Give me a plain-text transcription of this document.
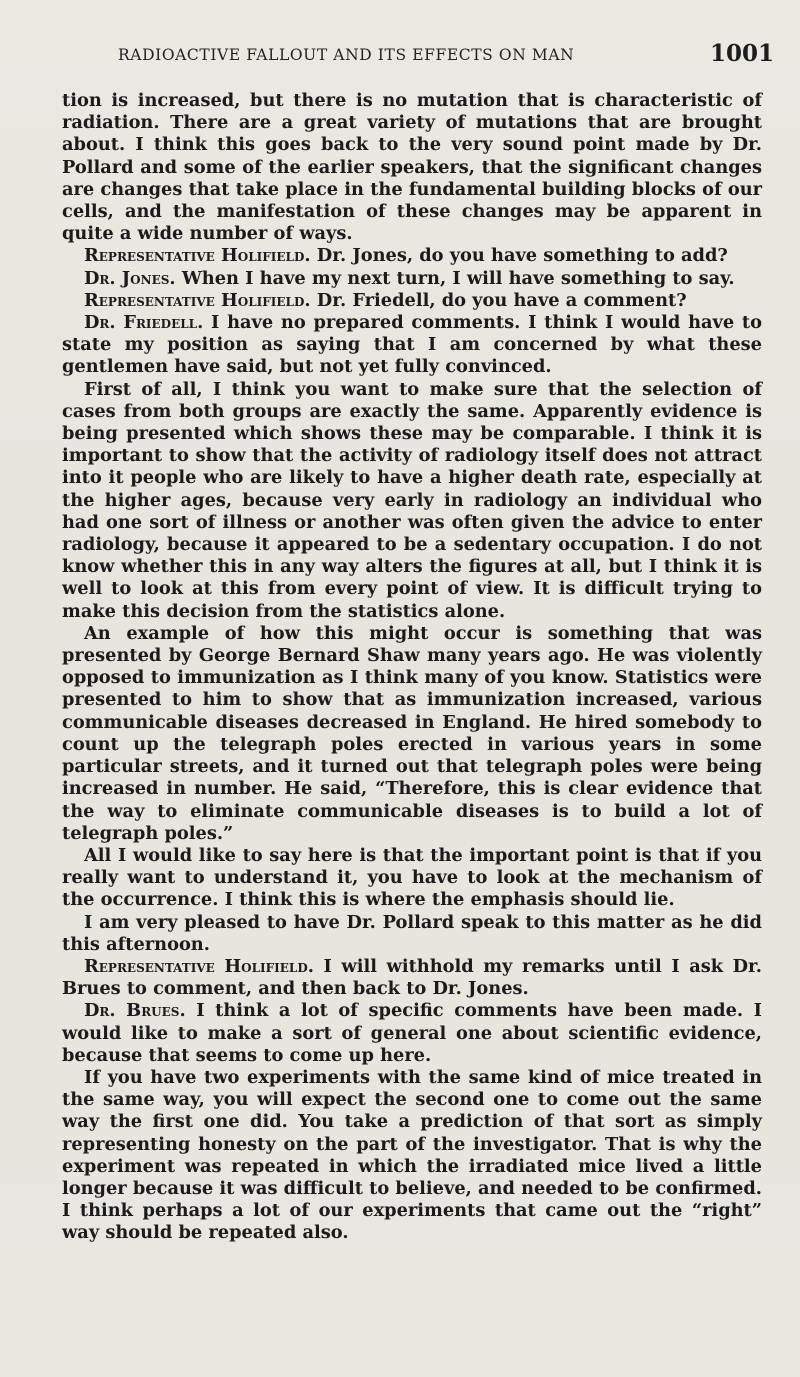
RADIOACTIVE FALLOUT AND ITS EFFECTS ON MAN	1001

tion is increased, but there is no mutation that is characteristic of radiation. There are a great variety of mutations that are brought about. I think this goes back to the very sound point made by Dr. Pollard and some of the earlier speakers, that the significant changes are changes that take place in the fundamental building blocks of our cells, and the manifestation of these changes may be apparent in quite a wide number of ways.

Representative Holifield. Dr. Jones, do you have something to add?

Dr. Jones. When I have my next turn, I will have something to say.

Representative Holifield. Dr. Friedell, do you have a comment?

Dr. Friedell. I have no prepared comments. I think I would have to state my position as saying that I am concerned by what these gentlemen have said, but not yet fully convinced.

First of all, I think you want to make sure that the selection of cases from both groups are exactly the same. Apparently evidence is being presented which shows these may be comparable. I think it is important to show that the activity of radiology itself does not attract into it people who are likely to have a higher death rate, especially at the higher ages, because very early in radiology an individual who had one sort of illness or another was often given the advice to enter radiology, because it appeared to be a sedentary occupation. I do not know whether this in any way alters the figures at all, but I think it is well to look at this from every point of view. It is difficult trying to make this decision from the statistics alone.

An example of how this might occur is something that was presented by George Bernard Shaw many years ago. He was violently opposed to immunization as I think many of you know. Statistics were presented to him to show that as immunization increased, various communicable diseases decreased in England. He hired somebody to count up the telegraph poles erected in various years in some particular streets, and it turned out that telegraph poles were being increased in number. He said, “Therefore, this is clear evidence that the way to eliminate communicable diseases is to build a lot of telegraph poles.”

All I would like to say here is that the important point is that if you really want to understand it, you have to look at the mechanism of the occurrence. I think this is where the emphasis should lie.

I am very pleased to have Dr. Pollard speak to this matter as he did this afternoon.

Representative Holifield. I will withhold my remarks until I ask Dr. Brues to comment, and then back to Dr. Jones.

Dr. Brues. I think a lot of specific comments have been made. I would like to make a sort of general one about scientific evidence, because that seems to come up here.

If you have two experiments with the same kind of mice treated in the same way, you will expect the second one to come out the same way the first one did. You take a prediction of that sort as simply representing honesty on the part of the investigator. That is why the experiment was repeated in which the irradiated mice lived a little longer because it was difficult to believe, and needed to be confirmed. I think perhaps a lot of our experiments that came out the “right” way should be repeated also.
